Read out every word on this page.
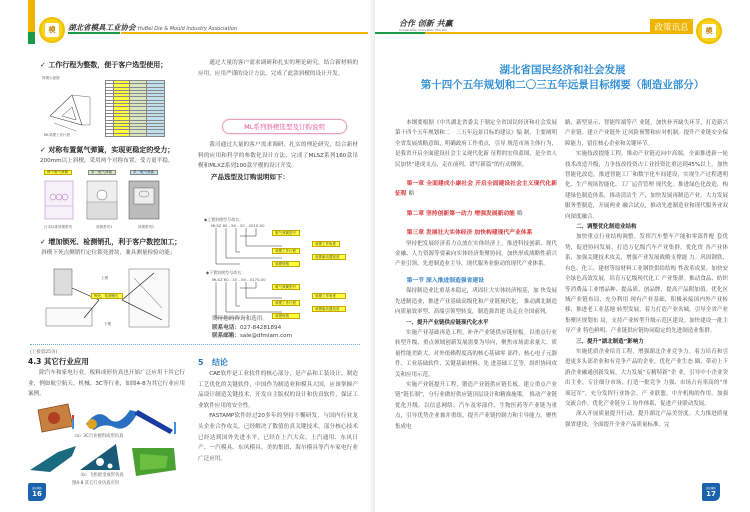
模	湖北省模具工业协会 HuBei Die & Mould Industry Association
✓ 工作行程为整数，便于客户选型使用；
斜楔示意图
ML斜楔工作行程

✓ 对称布置氮气弹簧，实现更稳定的受力；
200mm以上斜楔，采用两个对称布置，受力更平稳。
两个氮气弹簧	单一氮气弹簧	单一氮气弹簧
日本标准斜楔系列	斜楔系列1	斜楔系列2
✓ 增加锁死、检测销孔，利于客户数控加工；
斜楔下死点侧销钉定位锁死滑块，兼具测量检验功能；
锁死、检测销孔
上模
下模
通过大量的客户需求调研和扎实的理论研究，结合新材料的应用，应用严谨的设计方法，完成了此款斜楔的设计开发。
ML系列斜楔选型及订购说明
我司通过大量的客户需求调研、扎实的理论研究，结合新材料的应用和科学的参数化设计方法，完成了MLSZ系列160款吊楔和MLXZ系列100款平楔的设计开发。
产品选型及订购说明如下：
◆上置斜楔型号命名：
MLSZ 60 - 50 - 20 - X010-50
氮气弹簧型号
斜楔工作角度
斜楔工作行程
斜楔驱动器宽度
斜楔规格
◆下置斜楔型号命名：
MLXZ 60 - 45 - 00 - X170-50
氮气弹簧型号
斜楔工作角度
斜楔工作行程
斜楔驱动器宽度
斜楔规格
期待您的咨询和选用。
联系电话：027-84281894
联系邮箱：sale@dfmiam.com
(上接第25页)
4.3 其它行业应用
除汽车和家电行业，板料成形仿真也开始广泛应用于其它行业，例如航空航天、机械、3C等行业，如图4-8为其它行业应用案例。
（a）3C行业板料成形仿真
（b）飞机板金成形仿真
图4-8 其它行业仿真应用
5 结论
CAE软件是工业软件的核心部分，是产品和工装设计、制造工艺优化的关键软件，中国作为制造业和模具大国，应该掌握产品设计制造关键技术，开发自主版权的设计和仿真软件，保证工业软件应用的安全性。
FASTAMP软件经过20多年的坚持不懈研发，与国内行业龙头企业合作攻关，已经解决了数值仿真关键技术，部分核心技术已经达到国外先进水平，已经在上汽大众、上汽通用、东风日产、一汽模具、东风模具、美的集团、海尔模具等汽车家电行业广泛应用。
湖北模协
16
合作 创新 共赢
Cooperation Innovation Win-win	政策讯息	模
湖北省国民经济和社会发展
第十四个五年规划和二〇三五年远景目标纲要（制造业部分）
本纲要根据《中共湖北省委关于制定全省国民经济和社会发展第十四个五年规划和二　三五年远景目标的建议》编 制，主要阐明全省发展战略意图，明确政府工作重点，引导 规范市场主体行为，是我省开启全面建设社会主义现代化新 征程的宏伟蓝图，是全省人民加快“建成支点、走在前列、谱写新篇”的行动纲领。
第一章 全面建成小康社会 开启全面建设社会主义现代化新征程 略
第二章 坚持创新第一动力 增强发展新动能 略
第三章 发展壮大实体经济 加快构建现代产业体系
坚持把发展经济着力点放在实体经济上，推进科技创新、现代金融、人力资源等要素向实体经济集聚协同，加快形成战略性新兴产业引领、先进制造业主导、现代服务业驱动的现代产业体系。
第一节 深入推进制造强省建设
保持制造业比重基本稳定，巩固壮大实体经济根基，加 快发展先进制造业，推进产业基础高级化和产业链现代化， 推动湖北制造向质量效率型、高端引领型转变，制造强省建 设走在全国前列。
一、提升产业链供应链现代化水平
实施产业基础再造工程，补齐产业链供应链短板。以重点行业转型升级、重点领域创新发展需要为导向，聚焦市场需求量大、质量性能差距大、对外依赖程度高的核心基础零 部件、核心电子元器件、工业基础软件、关键基础材料、先 进基础工艺等，组织协同攻关和应用示范。
实施产业链提升工程，锻造产业链供应链长板。建立重点产业链“链长制”，分行业做好供应链顶层设计和精准施策， 推动产业链优化升级。以信息网络、汽车及零部件、生物医药等产业链为重点，引导优势企业兼并重组，提升产业链控制力和主导能力。聚焦集成电
路、新型显示、智能终端等产 业链，加快补齐缺失环节，打造新兴产业链。建立产业链外 迁风险预警和应对机制，提升产业链安全保障能力，留住核心企业和关键环节。
实施技改提能工程，推动产业链迈向中高端。全面推进新一轮技术改造升级，力争技改投资占工业投资比重达到45%以上。加快智能化改造，推进智能工厂和数字化车间建设，实现生产过程透明化、生产现场智能化、工厂运营管理 现代化。推进绿色化改造，构建绿色制造体系，推动清洁生 产，加快发展再制造产业。大力发展服务型制造，开展两业 融合试点，推动先进制造业和现代服务业双向深度融合。
二、调整优化制造业结构
加快重点行业结构调整。发挥汽车整车产能和零部件配 套优势，促进协同发展，打造万亿级汽车产业集群。优化资 各产业体系，加强关键技术攻关，增强产业发展战略支撑能 力。巩固钢铁、有色、化工、建材等原材料工业钢铁供给结构 性改革成果。加快安全绿色高效发展，培育万亿级现代化工 产业集群。推动食品、纺织等消费品工业增品种、提品质、创品牌，提高产品附加值。优化区域产业链布局，充分利用 现有产业基础，积极承接国内外产业转移，推进老工业基地 转型发展，着力打造产业名城。引导全省产业集聚区规划布 局，支持产业转型升级示范区建设。加快建设一批主导产业 特色鲜明、产业链供应链协同稳定的先进制造业集群。
三、提升“湖北制造”影响力
实施优质企业培育工程，增强湖北企业竞争力。着力培育和引进更多头部企业和有竞争产品的企业，优化产业生态 圈，带动上下游企业融通创新发展。大力发展“专精特新”企 业，引导中小企业突出主业，专注细分市场，打造一批竞争 力强、市场占有率高的“单项冠军”，充分发挥行业协会、产 业联盟、中介机构的作用，加强交流合作，优化产业链分工 协作体系，促进产业联动发展。
深入开展质量提升行动，提升湖北产品美誉度。大力推进质量强省建设，全面提升全业产品质量标准。完
湖北模协
17
